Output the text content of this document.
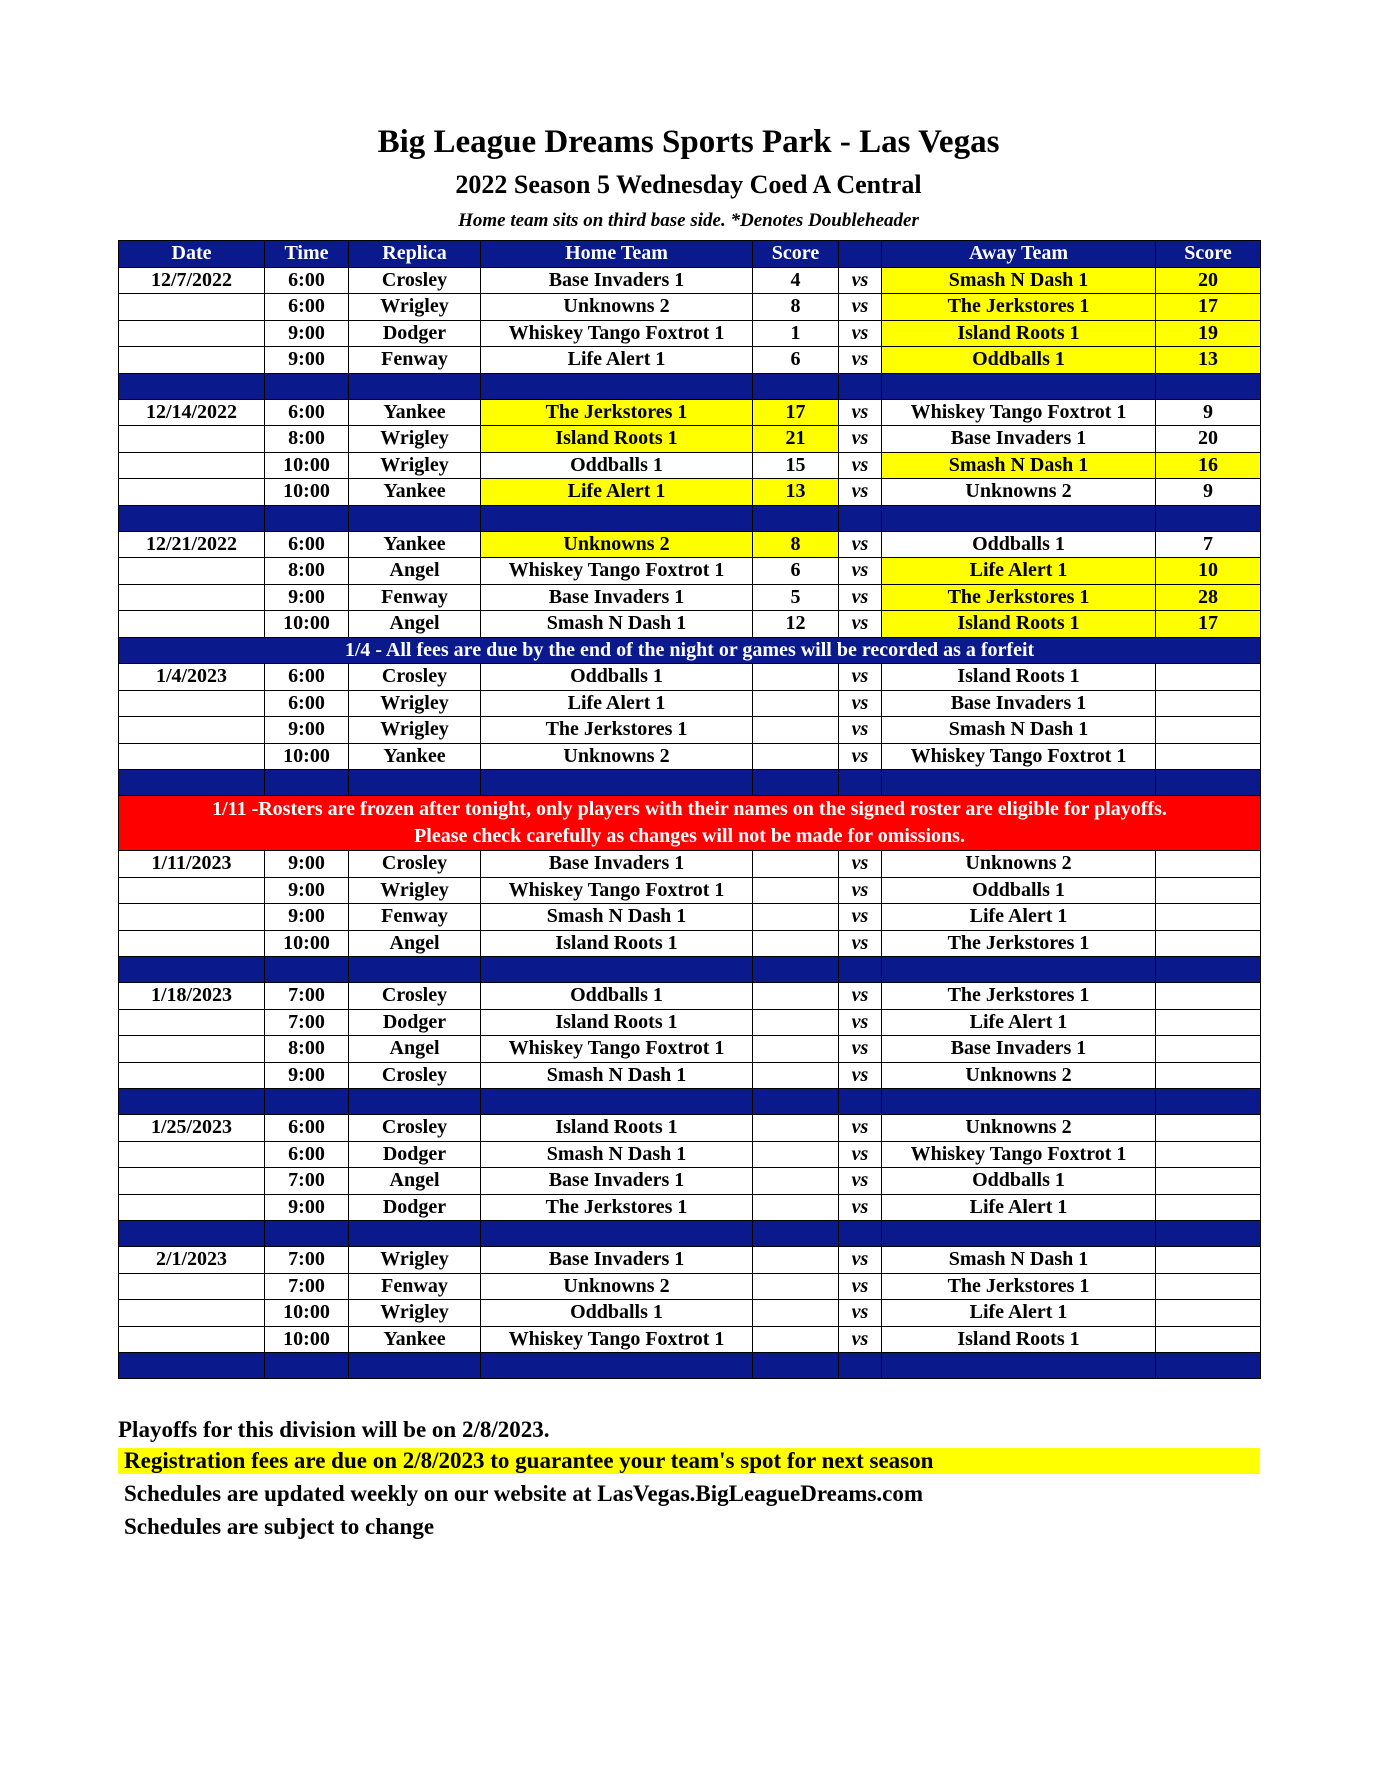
Big League Dreams Sports Park - Las Vegas
2022 Season 5 Wednesday Coed A Central
Home team sits on third base side. *Denotes Doubleheader
Date	Time	Replica	Home Team	Score		Away Team	Score
12/7/2022	6:00	Crosley	Base Invaders 1	4	vs	Smash N Dash 1	20
	6:00	Wrigley	Unknowns 2	8	vs	The Jerkstores 1	17
	9:00	Dodger	Whiskey Tango Foxtrot 1	1	vs	Island Roots 1	19
	9:00	Fenway	Life Alert 1	6	vs	Oddballs 1	13

12/14/2022	6:00	Yankee	The Jerkstores 1	17	vs	Whiskey Tango Foxtrot 1	9
	8:00	Wrigley	Island Roots 1	21	vs	Base Invaders 1	20
	10:00	Wrigley	Oddballs 1	15	vs	Smash N Dash 1	16
	10:00	Yankee	Life Alert 1	13	vs	Unknowns 2	9

12/21/2022	6:00	Yankee	Unknowns 2	8	vs	Oddballs 1	7
	8:00	Angel	Whiskey Tango Foxtrot 1	6	vs	Life Alert 1	10
	9:00	Fenway	Base Invaders 1	5	vs	The Jerkstores 1	28
	10:00	Angel	Smash N Dash 1	12	vs	Island Roots 1	17
1/4 - All fees are due by the end of the night or games will be recorded as a forfeit							
1/4/2023	6:00	Crosley	Oddballs 1		vs	Island Roots 1	
	6:00	Wrigley	Life Alert 1		vs	Base Invaders 1	
	9:00	Wrigley	The Jerkstores 1		vs	Smash N Dash 1	
	10:00	Yankee	Unknowns 2		vs	Whiskey Tango Foxtrot 1	

1/11 -Rosters are frozen after tonight, only players with their names on the signed roster are eligible for playoffs.
Please check carefully as changes will not be made for omissions.							

1/11/2023	9:00	Crosley	Base Invaders 1		vs	Unknowns 2	
	9:00	Wrigley	Whiskey Tango Foxtrot 1		vs	Oddballs 1	
	9:00	Fenway	Smash N Dash 1		vs	Life Alert 1	
	10:00	Angel	Island Roots 1		vs	The Jerkstores 1	

1/18/2023	7:00	Crosley	Oddballs 1		vs	The Jerkstores 1	
	7:00	Dodger	Island Roots 1		vs	Life Alert 1	
	8:00	Angel	Whiskey Tango Foxtrot 1		vs	Base Invaders 1	
	9:00	Crosley	Smash N Dash 1		vs	Unknowns 2	

1/25/2023	6:00	Crosley	Island Roots 1		vs	Unknowns 2	
	6:00	Dodger	Smash N Dash 1		vs	Whiskey Tango Foxtrot 1	
	7:00	Angel	Base Invaders 1		vs	Oddballs 1	
	9:00	Dodger	The Jerkstores 1		vs	Life Alert 1	

2/1/2023	7:00	Wrigley	Base Invaders 1		vs	Smash N Dash 1	
	7:00	Fenway	Unknowns 2		vs	The Jerkstores 1	
	10:00	Wrigley	Oddballs 1		vs	Life Alert 1	
	10:00	Yankee	Whiskey Tango Foxtrot 1		vs	Island Roots 1	

Playoffs for this division will be on 2/8/2023.
Registration fees are due on 2/8/2023 to guarantee your team's spot for next season
Schedules are updated weekly on our website at LasVegas.BigLeagueDreams.com
Schedules are subject to change
